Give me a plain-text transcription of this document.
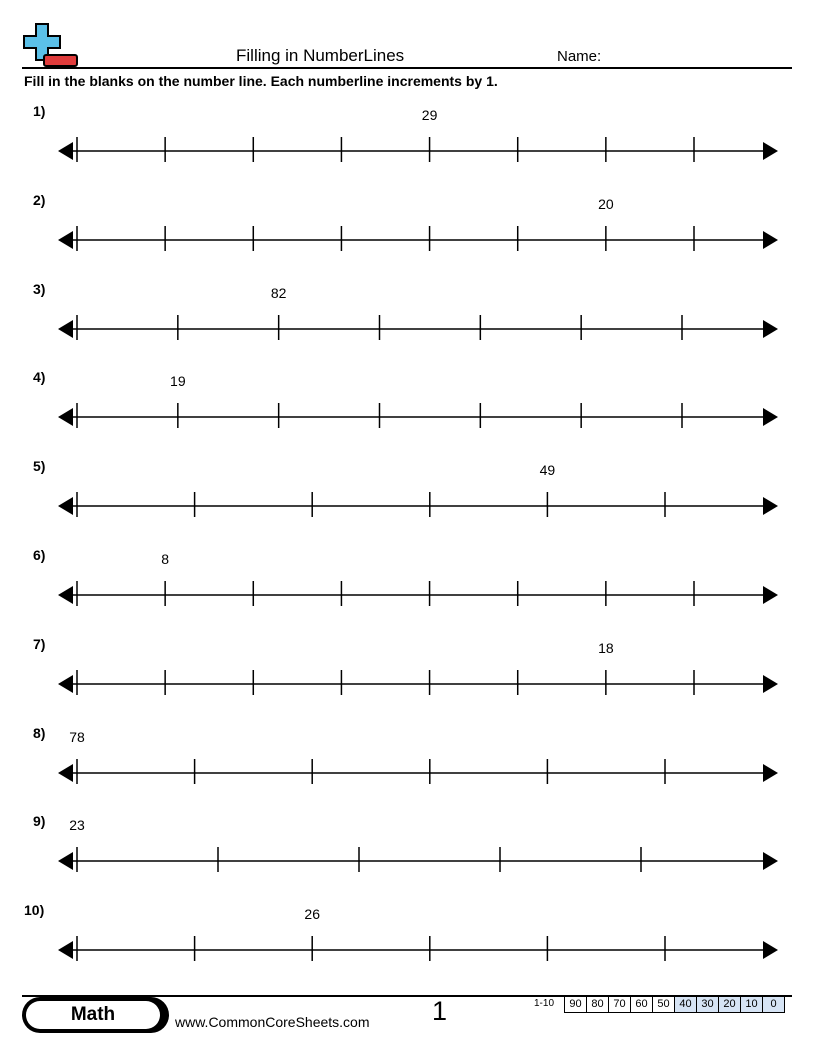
Filling in NumberLines	Name:
Fill in the blanks on the number line. Each numberline increments by 1.
1)	29
2)	20
3)	82
4)	19
5)	49
6)	8
7)	18
8) 78
9) 23
10)	26
Math	www.CommonCoreSheets.com 1	1-10 90	80	70	60	50	40	30	20	10	0
